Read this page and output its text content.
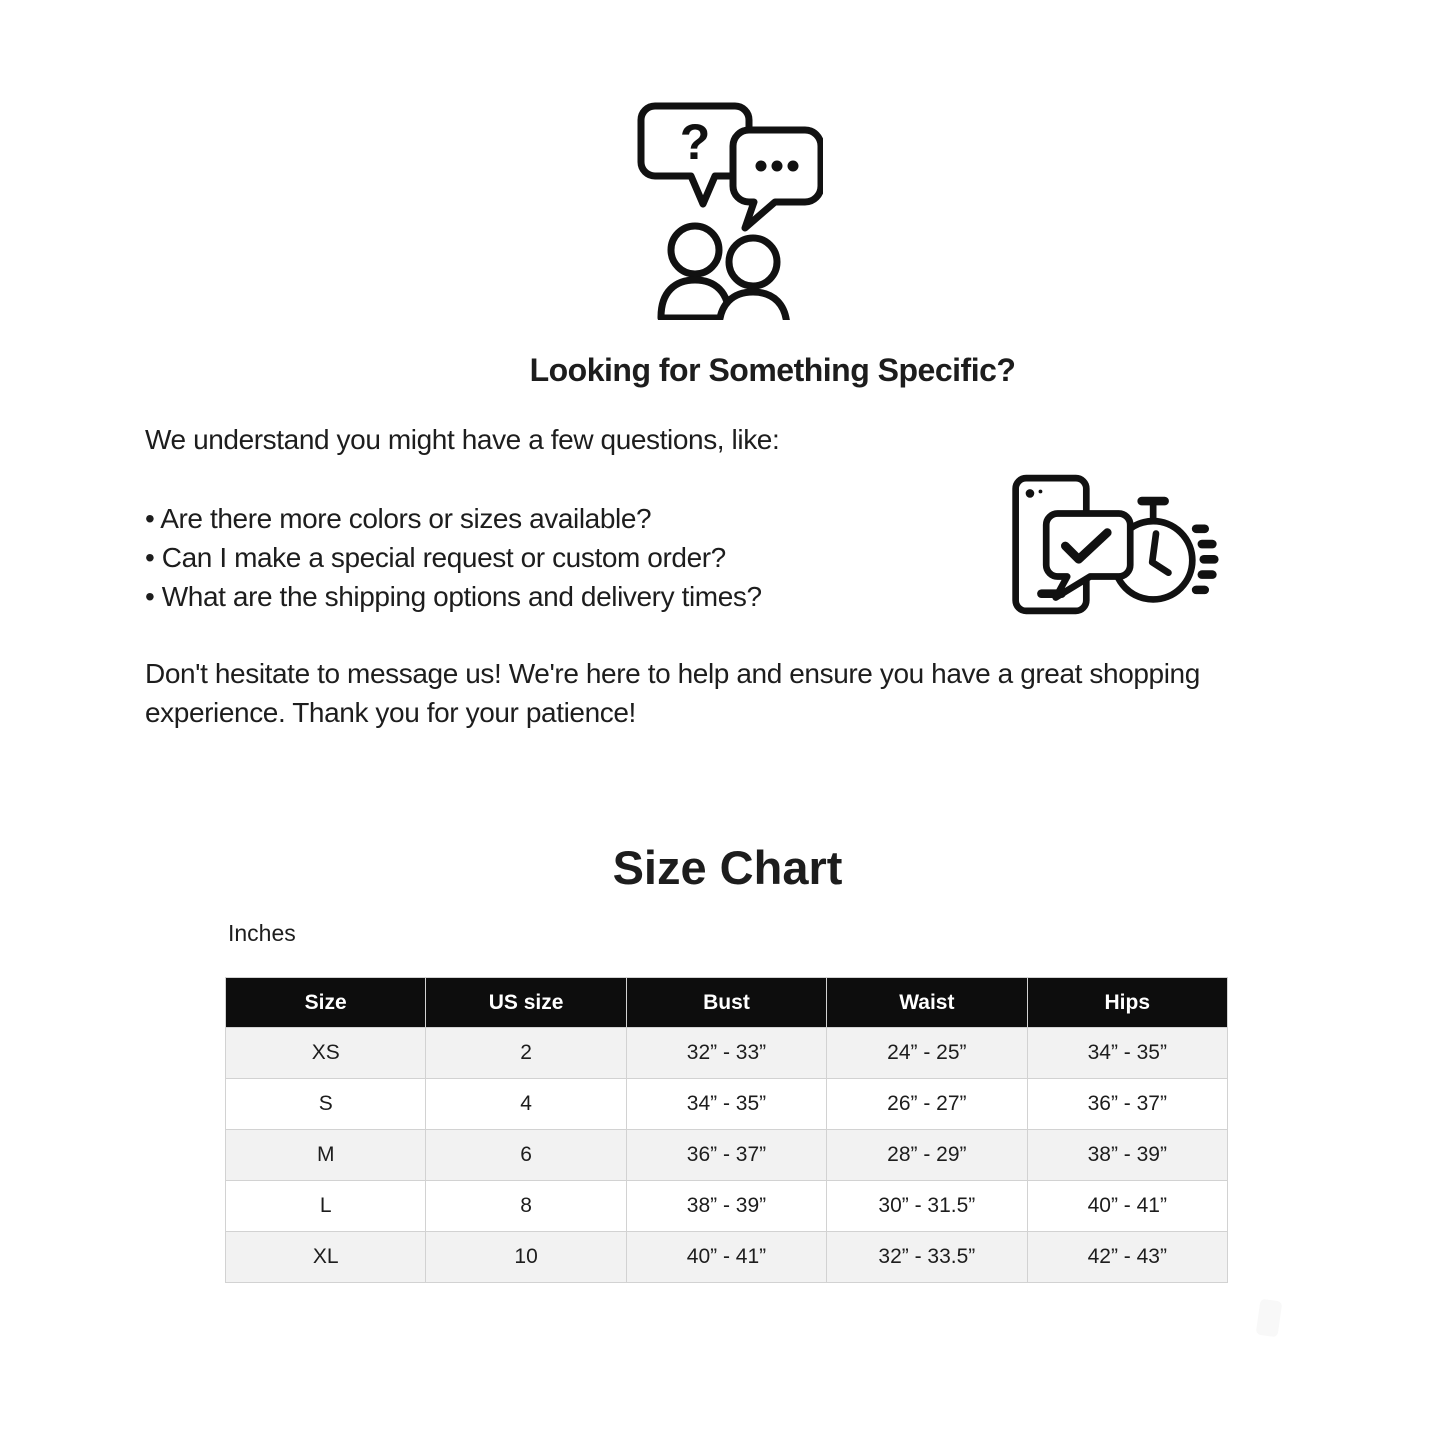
?
Looking for Something Specific?

We understand you might have a few questions, like:

• Are there more colors or sizes available?

• Can I make a special request or custom order?

• What are the shipping options and delivery times?

Don't hesitate to message us! We're here to help and ensure you have a great shopping

experience. Thank you for your patience!

Size Chart
Inches
Size	US size	Bust	Waist	Hips
XS	2	32” - 33”	24” - 25”	34” - 35”
S	4	34” - 35”	26” - 27”	36” - 37”
M	6	36” - 37”	28” - 29”	38” - 39”
L	8	38” - 39”	30” - 31.5”	40” - 41”
XL	10	40” - 41”	32” - 33.5”	42” - 43”
